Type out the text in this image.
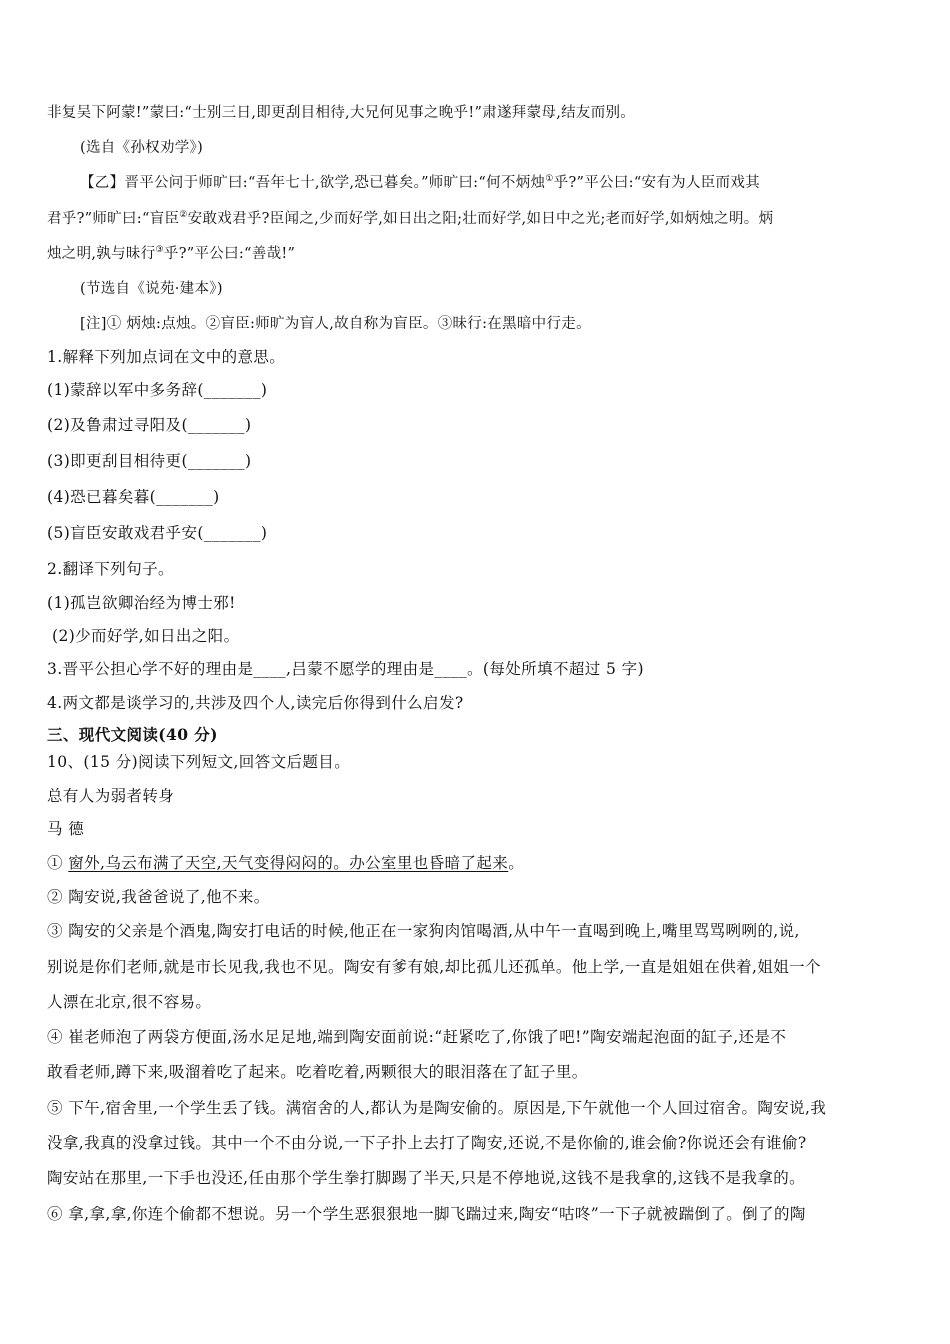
非复吴下阿蒙!”蒙曰:“士别三日,即更刮目相待,大兄何见事之晚乎!”肃遂拜蒙母,结友而别。
(选自《孙权劝学》)
【乙】晋平公问于师旷曰:“吾年七十,欲学,恐已暮矣。”师旷曰:“何不炳烛①乎?”平公曰:“安有为人臣而戏其
君乎?”师旷曰:“盲臣②安敢戏君乎?臣闻之,少而好学,如日出之阳;壮而好学,如日中之光;老而好学,如炳烛之明。炳
烛之明,孰与昧行③乎?”平公曰:“善哉!”
(节选自《说苑·建本》)
[注]① 炳烛:点烛。②盲臣:师旷为盲人,故自称为盲臣。③昧行:在黑暗中行走。
1.解释下列加点词在文中的意思。
(1)蒙辞以军中多务辞(_______)
(2)及鲁肃过寻阳及(_______)
(3)即更刮目相待更(_______)
(4)恐已暮矣暮(_______)
(5)盲臣安敢戏君乎安(_______)
2.翻译下列句子。
(1)孤岂欲卿治经为博士邪!
(2)少而好学,如日出之阳。
3.晋平公担心学不好的理由是____,吕蒙不愿学的理由是____。(每处所填不超过 5 字)
4.两文都是谈学习的,共涉及四个人,读完后你得到什么启发?
三、现代文阅读(40 分)
10、(15 分)阅读下列短文,回答文后题目。
总有人为弱者转身
马 德
① 窗外,乌云布满了天空,天气变得闷闷的。办公室里也昏暗了起来。
② 陶安说,我爸爸说了,他不来。
③ 陶安的父亲是个酒鬼,陶安打电话的时候,他正在一家狗肉馆喝酒,从中午一直喝到晚上,嘴里骂骂咧咧的,说,
别说是你们老师,就是市长见我,我也不见。陶安有爹有娘,却比孤儿还孤单。他上学,一直是姐姐在供着,姐姐一个
人漂在北京,很不容易。
④ 崔老师泡了两袋方便面,汤水足足地,端到陶安面前说:“赶紧吃了,你饿了吧!”陶安端起泡面的缸子,还是不
敢看老师,蹲下来,吸溜着吃了起来。吃着吃着,两颗很大的眼泪落在了缸子里。
⑤ 下午,宿舍里,一个学生丢了钱。满宿舍的人,都认为是陶安偷的。原因是,下午就他一个人回过宿舍。陶安说,我
没拿,我真的没拿过钱。其中一个不由分说,一下子扑上去打了陶安,还说,不是你偷的,谁会偷?你说还会有谁偷?
陶安站在那里,一下手也没还,任由那个学生拳打脚踢了半天,只是不停地说,这钱不是我拿的,这钱不是我拿的。
⑥ 拿,拿,拿,你连个偷都不想说。另一个学生恶狠狠地一脚飞踹过来,陶安“咕咚”一下子就被踹倒了。倒了的陶
